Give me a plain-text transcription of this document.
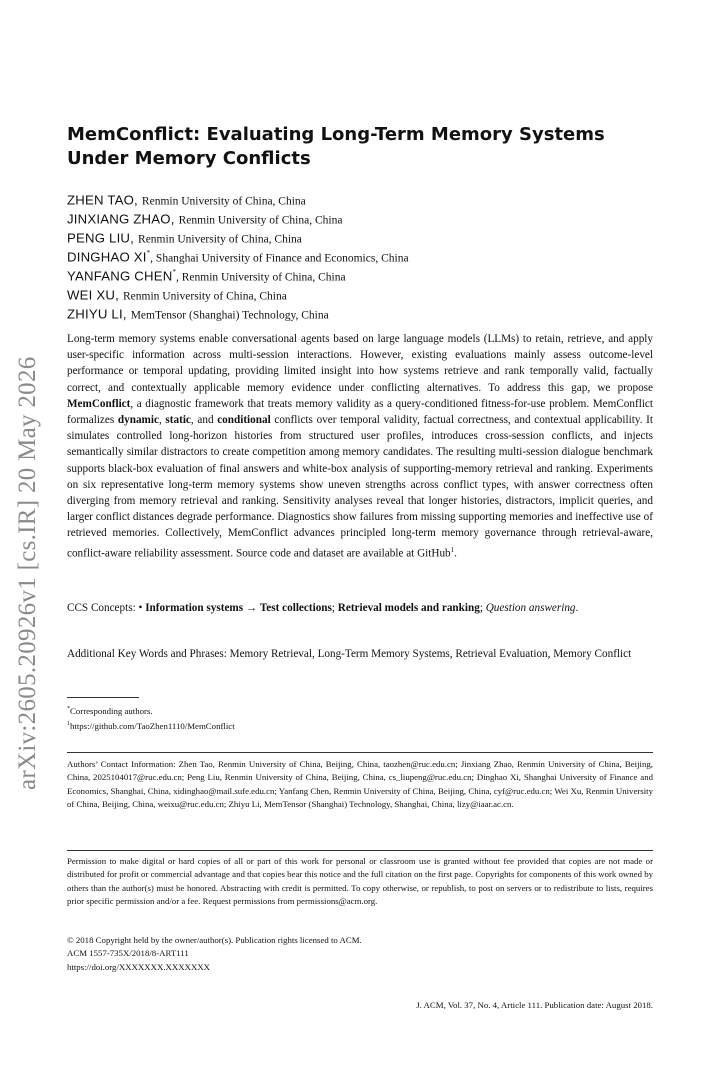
arXiv:2605.20926v1 [cs.IR] 20 May 2026
MemConflict: Evaluating Long-Term Memory Systems Under Memory Conflicts
ZHEN TAO, Renmin University of China, China
JINXIANG ZHAO, Renmin University of China, China
PENG LIU, Renmin University of China, China
DINGHAO XI*, Shanghai University of Finance and Economics, China
YANFANG CHEN*, Renmin University of China, China
WEI XU, Renmin University of China, China
ZHIYU LI, MemTensor (Shanghai) Technology, China

Long-term memory systems enable conversational agents based on large language models (LLMs) to retain, retrieve, and apply user-specific information across multi-session interactions. However, existing evaluations mainly assess outcome-level performance or temporal updating, providing limited insight into how systems retrieve and rank temporally valid, factually correct, and contextually applicable memory evidence under conflicting alternatives. To address this gap, we propose MemConflict, a diagnostic framework that treats memory validity as a query-conditioned fitness-for-use problem. MemConflict formalizes dynamic, static, and conditional conflicts over temporal validity, factual correctness, and contextual applicability. It simulates controlled long-horizon histories from structured user profiles, introduces cross-session conflicts, and injects semantically similar distractors to create competition among memory candidates. The resulting multi-session dialogue benchmark supports black-box evaluation of final answers and white-box analysis of supporting-memory retrieval and ranking. Experiments on six representative long-term memory systems show uneven strengths across conflict types, with answer correctness often diverging from memory retrieval and ranking. Sensitivity analyses reveal that longer histories, distractors, implicit queries, and larger conflict distances degrade performance. Diagnostics show failures from missing supporting memories and ineffective use of retrieved memories. Collectively, MemConflict advances principled long-term memory governance through retrieval-aware, conflict-aware reliability assessment. Source code and dataset are available at GitHub$^1$.

CCS Concepts: • Information systems → Test collections; Retrieval models and ranking; Question answering.

Additional Key Words and Phrases: Memory Retrieval, Long-Term Memory Systems, Retrieval Evaluation, Memory Conflict

*Corresponding authors.
$^1$https://github.com/TaoZhen1110/MemConflict

Authors’ Contact Information: Zhen Tao, Renmin University of China, Beijing, China, taozhen@ruc.edu.cn; Jinxiang Zhao, Renmin University of China, Beijing, China, 2025104017@ruc.edu.cn; Peng Liu, Renmin University of China, Beijing, China, cs_liupeng@ruc.edu.cn; Dinghao Xi, Shanghai University of Finance and Economics, Shanghai, China, xidinghao@mail.sufe.edu.cn; Yanfang Chen, Renmin University of China, Beijing, China, cyf@ruc.edu.cn; Wei Xu, Renmin University of China, Beijing, China, weixu@ruc.edu.cn; Zhiyu Li, MemTensor (Shanghai) Technology, Shanghai, China, lizy@iaar.ac.cn.

Permission to make digital or hard copies of all or part of this work for personal or classroom use is granted without fee provided that copies are not made or distributed for profit or commercial advantage and that copies bear this notice and the full citation on the first page. Copyrights for components of this work owned by others than the author(s) must be honored. Abstracting with credit is permitted. To copy otherwise, or republish, to post on servers or to redistribute to lists, requires prior specific permission and/or a fee. Request permissions from permissions@acm.org.

© 2018 Copyright held by the owner/author(s). Publication rights licensed to ACM.
ACM 1557-735X/2018/8-ART111
https://doi.org/XXXXXXX.XXXXXXX
J. ACM, Vol. 37, No. 4, Article 111. Publication date: August 2018.
